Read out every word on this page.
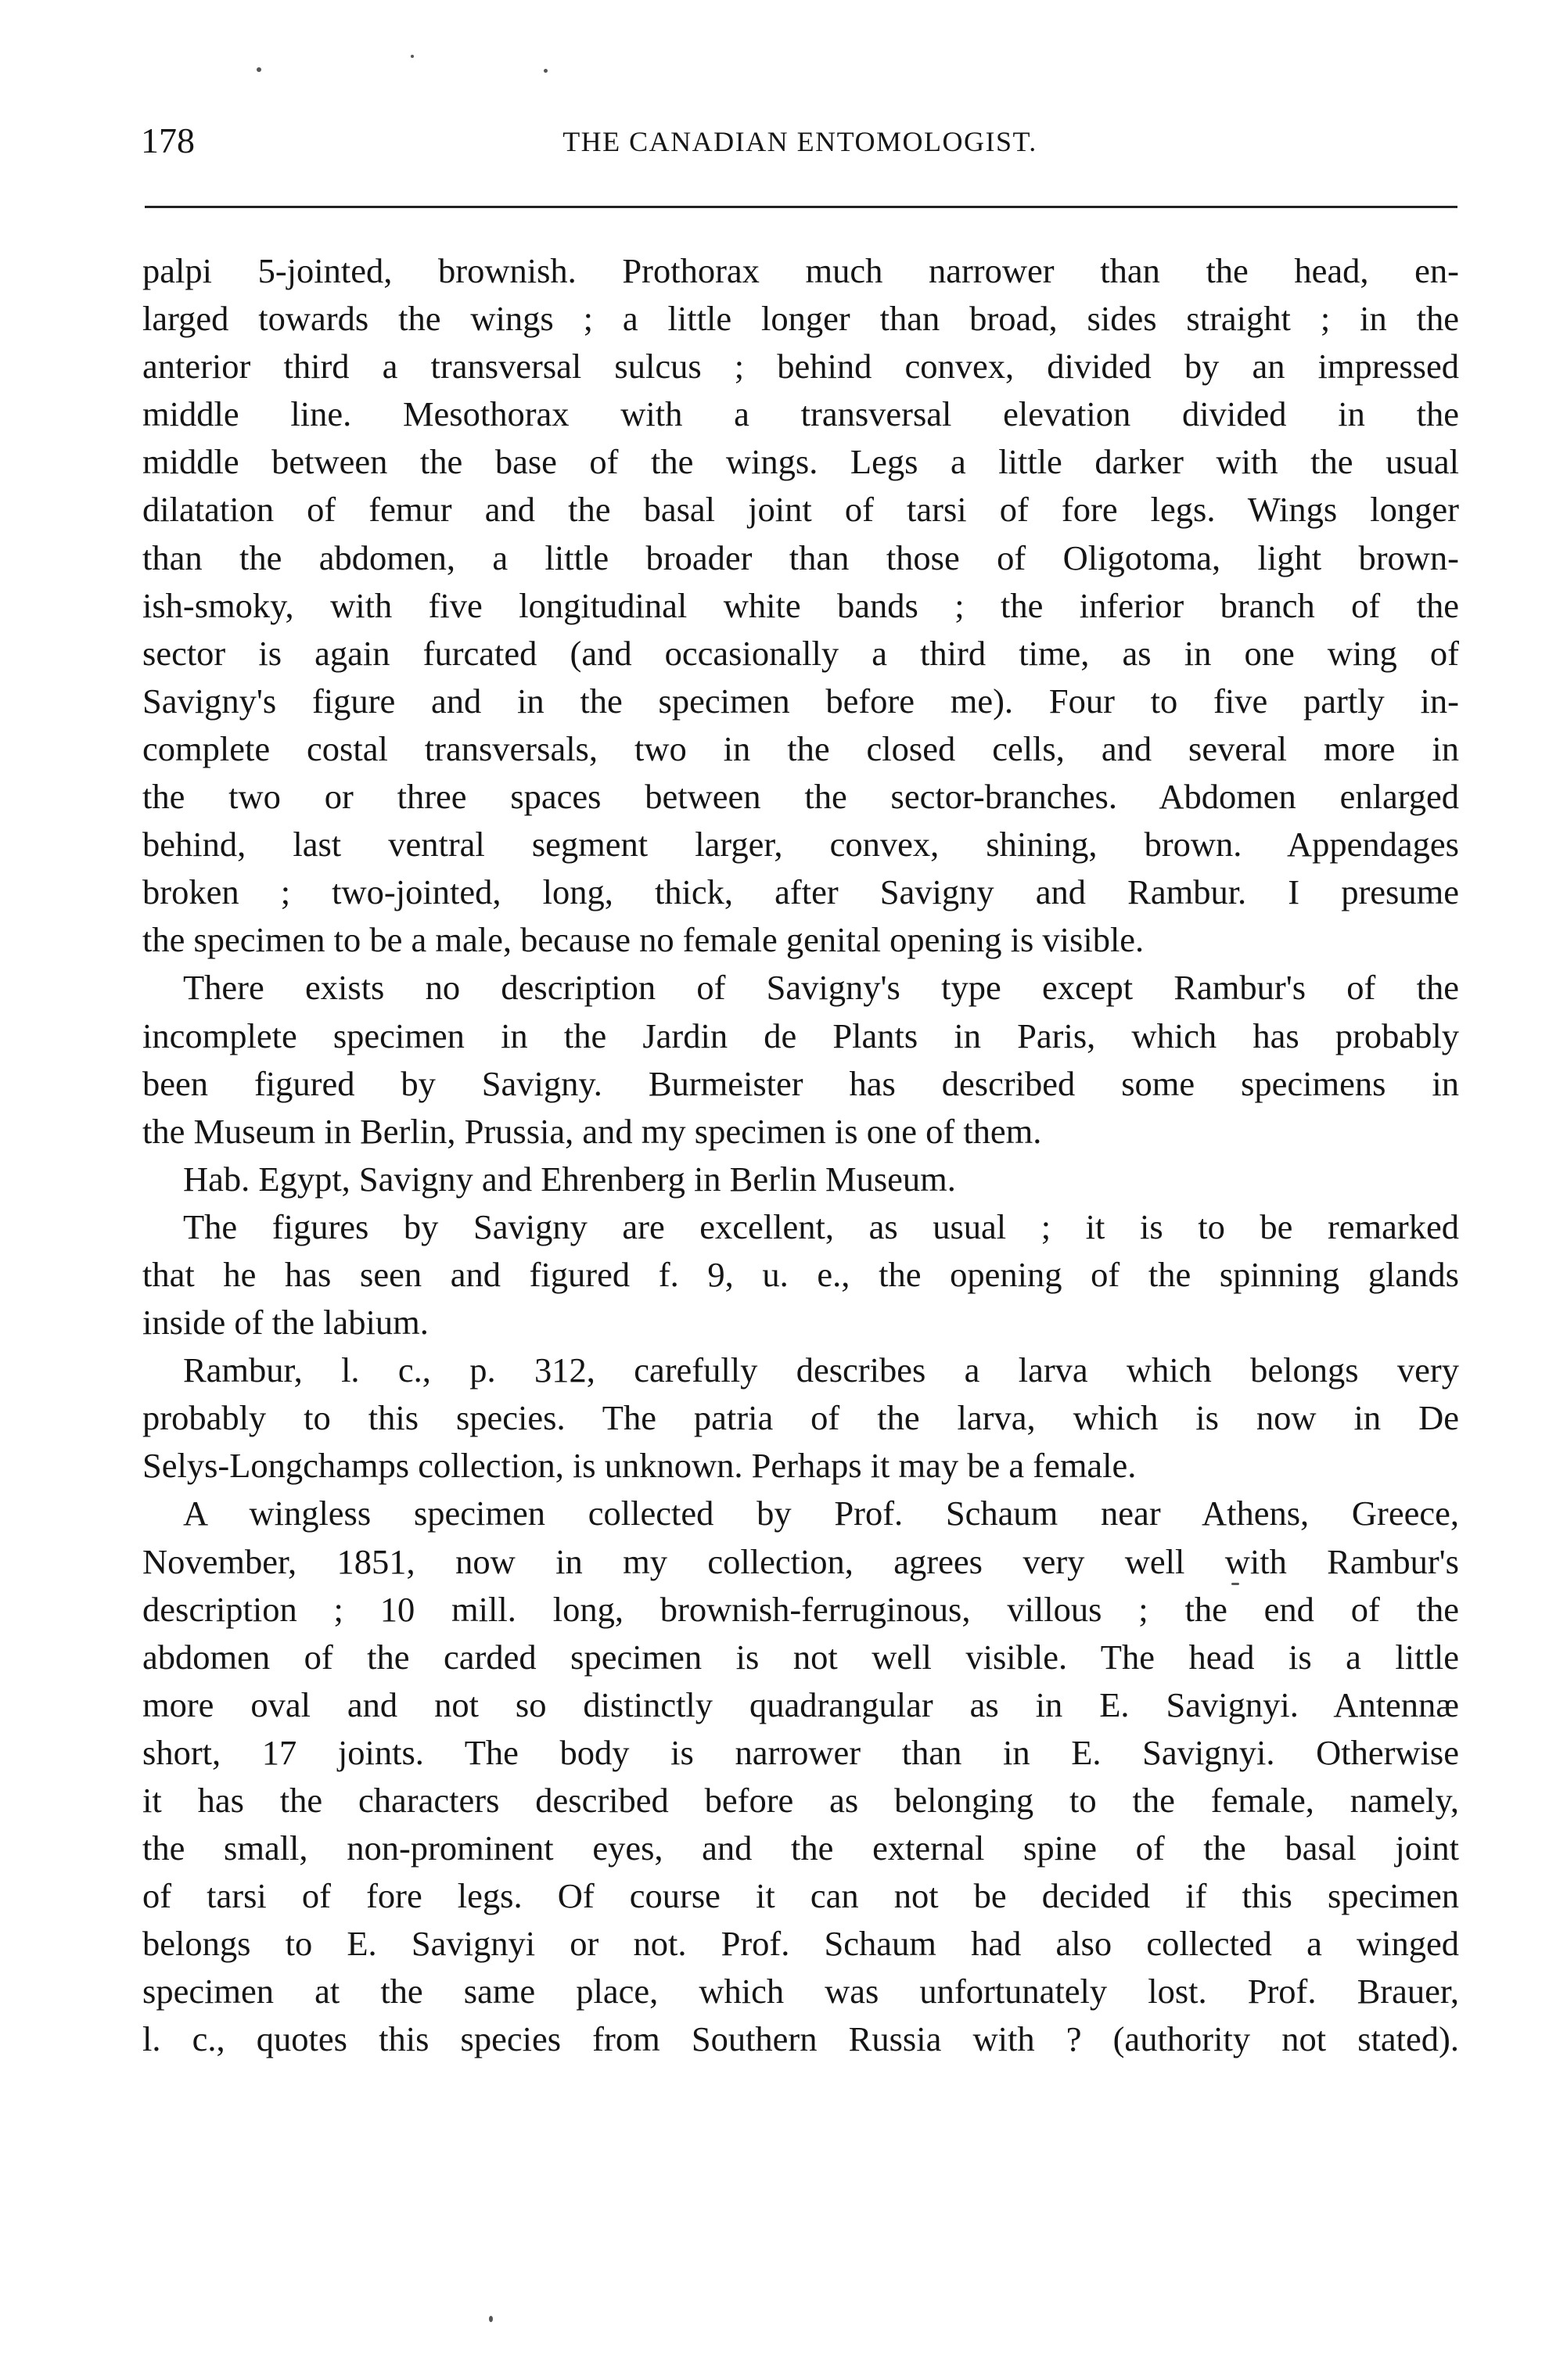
178	THE CANADIAN ENTOMOLOGIST.
palpi 5-jointed, brownish. Prothorax much narrower than the head, en-
larged towards the wings ; a little longer than broad, sides straight ; in the
anterior third a transversal sulcus ; behind convex, divided by an impressed
middle line. Mesothorax with a transversal elevation divided in the
middle between the base of the wings. Legs a little darker with the usual
dilatation of femur and the basal joint of tarsi of fore legs. Wings longer
than the abdomen, a little broader than those of Oligotoma, light brown-
ish-smoky, with five longitudinal white bands ; the inferior branch of the
sector is again furcated (and occasionally a third time, as in one wing of
Savigny's figure and in the specimen before me). Four to five partly in-
complete costal transversals, two in the closed cells, and several more in
the two or three spaces between the sector-branches. Abdomen enlarged
behind, last ventral segment larger, convex, shining, brown. Appendages
broken ; two-jointed, long, thick, after Savigny and Rambur. I presume
the specimen to be a male, because no female genital opening is visible.
There exists no description of Savigny's type except Rambur's of the
incomplete specimen in the Jardin de Plants in Paris, which has probably
been figured by Savigny. Burmeister has described some specimens in
the Museum in Berlin, Prussia, and my specimen is one of them.
Hab. Egypt, Savigny and Ehrenberg in Berlin Museum.
The figures by Savigny are excellent, as usual ; it is to be remarked
that he has seen and figured f. 9, u. e., the opening of the spinning glands
inside of the labium.
Rambur, l. c., p. 312, carefully describes a larva which belongs very
probably to this species. The patria of the larva, which is now in De
Selys-Longchamps collection, is unknown. Perhaps it may be a female.
A wingless specimen collected by Prof. Schaum near Athens, Greece,
November, 1851, now in my collection, agrees very well with Rambur's
description ; 10 mill. long, brownish-ferruginous, villous ; the end of the
abdomen of the carded specimen is not well visible. The head is a little
more oval and not so distinctly quadrangular as in E. Savignyi. Antennæ
short, 17 joints. The body is narrower than in E. Savignyi. Otherwise
it has the characters described before as belonging to the female, namely,
the small, non-prominent eyes, and the external spine of the basal joint
of tarsi of fore legs. Of course it can not be decided if this specimen
belongs to E. Savignyi or not. Prof. Schaum had also collected a winged
specimen at the same place, which was unfortunately lost. Prof. Brauer,
l. c., quotes this species from Southern Russia with ? (authority not stated).
